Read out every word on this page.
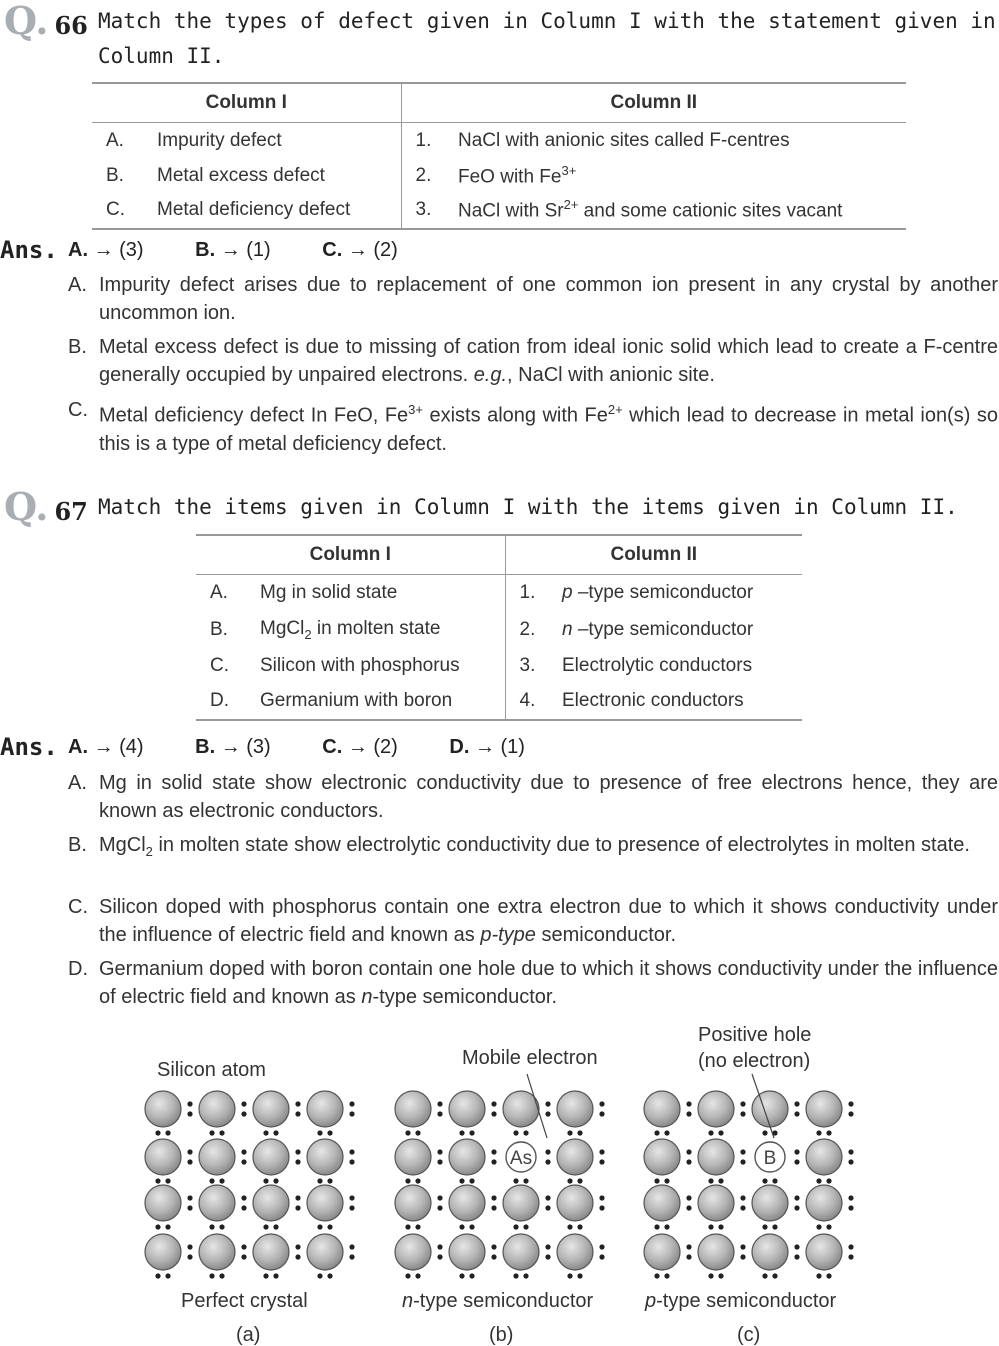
Q. 66 Match the types of defect given in Column I with the statement given in Column II.
Column I		Column II	
A.	Impurity defect	1.	NaCl with anionic sites called F-centres
B.	Metal excess defect	2.	FeO with $Fe^{3+}$
C.	Metal deficiency defect	3.	NaCl with $Sr^{2+}$ and some cationic sites vacant
Ans. A. → (3)	B. → (1)	C. → (2)
A. Impurity defect arises due to replacement of one common ion present in any crystal by another uncommon ion.
B. Metal excess defect is due to missing of cation from ideal ionic solid which lead to create a F-centre generally occupied by unpaired electrons. e.g., NaCl with anionic site.
C. Metal deficiency defect In FeO, $Fe^{3+}$ exists along with $Fe^{2+}$ which lead to decrease in metal ion(s) so this is a type of metal deficiency defect.
Q. 67 Match the items given in Column I with the items given in Column II.
Column I		Column II	
A.	Mg in solid state	1.	p –type semiconductor
B.	MgCl$_2$ in molten state	2.	n –type semiconductor
C.	Silicon with phosphorus	3.	Electrolytic conductors
D.	Germanium with boron	4.	Electronic conductors
Ans. A. → (4)	B. → (3)	C. → (2)	D. → (1)
A. Mg in solid state show electronic conductivity due to presence of free electrons hence, they are known as electronic conductors.
B. MgCl$_2$ in molten state show electrolytic conductivity due to presence of electrolytes in molten state.
C. Silicon doped with phosphorus contain one extra electron due to which it shows conductivity under the influence of electric field and known as p-type semiconductor.
D. Germanium doped with boron contain one hole due to which it shows conductivity under the influence of electric field and known as n-type semiconductor.
As	B
Silicon atom
Perfect crystal
(a)
Mobile electron
n-type semiconductor
(b)
Positive hole
(no electron)
p-type semiconductor
(c)
